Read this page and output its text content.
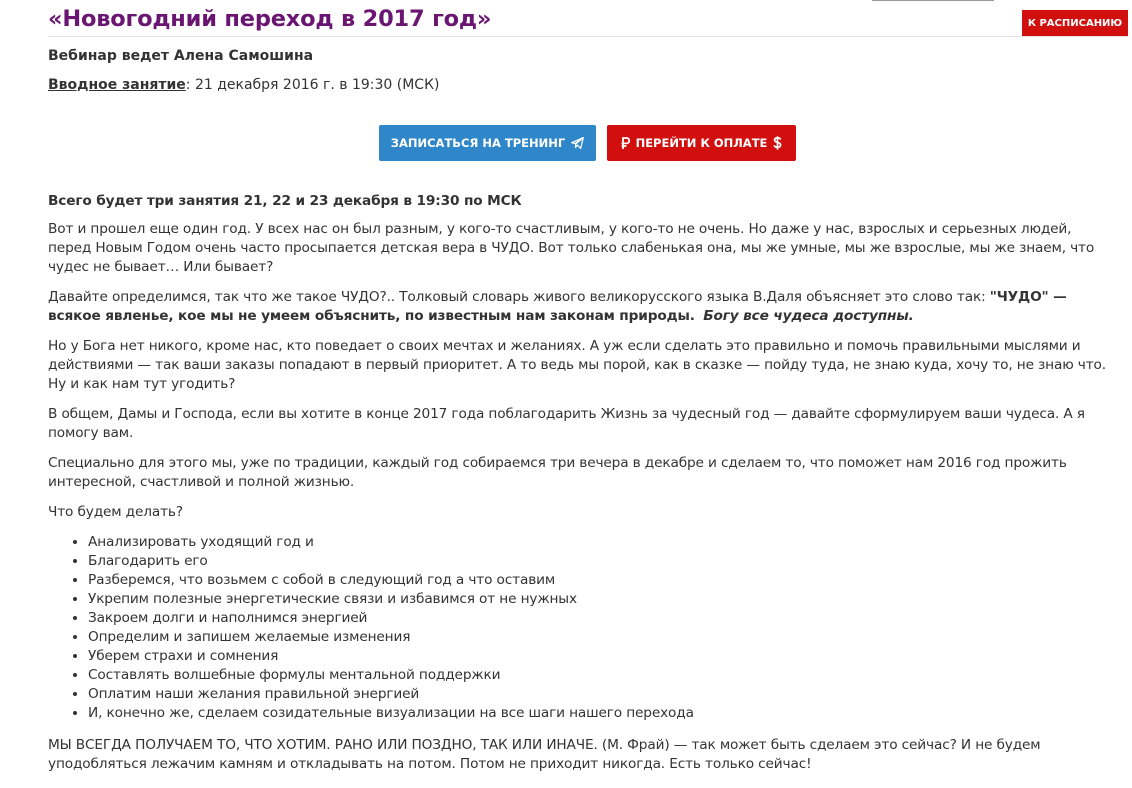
«Новогодний переход в 2017 год»	К РАСПИСАНИЮ
Вебинар ведет Алена Самошина
Вводное занятие: 21 декабря 2016 г. в 19:30 (МСК)
ЗАПИСАТЬСЯ НА ТРЕНИНГ	ПЕРЕЙТИ К ОПЛАТЕ

Всего будет три занятия 21, 22 и 23 декабря в 19:30 по МСК

Вот и прошел еще один год. У всех нас он был разным, у кого-то счастливым, у кого-то не очень. Но даже у нас, взрослых и серьезных людей, перед Новым Годом очень часто просыпается детская вера в ЧУДО. Вот только слабенькая она, мы же умные, мы же взрослые, мы же знаем, что чудес не бывает… Или бывает?

Давайте определимся, так что же такое ЧУДО?.. Толковый словарь живого великорусского языка В.Даля объясняет это слово так: "ЧУДО" — всякое явленье, кое мы не умеем объяснить, по известным нам законам природы. Богу все чудеса доступны.

Но у Бога нет никого, кроме нас, кто поведает о своих мечтах и желаниях. А уж если сделать это правильно и помочь правильными мыслями и действиями — так ваши заказы попадают в первый приоритет. А то ведь мы порой, как в сказке — пойду туда, не знаю куда, хочу то, не знаю что. Ну и как нам тут угодить?

В общем, Дамы и Господа, если вы хотите в конце 2017 года поблагодарить Жизнь за чудесный год — давайте сформулируем ваши чудеса. А я помогу вам.

Специально для этого мы, уже по традиции, каждый год собираемся три вечера в декабре и сделаем то, что поможет нам 2016 год прожить интересной, счастливой и полной жизнью.

Что будем делать?

• Анализировать уходящий год и
• Благодарить его
• Разберемся, что возьмем с собой в следующий год а что оставим
• Укрепим полезные энергетические связи и избавимся от не нужных
• Закроем долги и наполнимся энергией
• Определим и запишем желаемые изменения
• Уберем страхи и сомнения
• Составлять волшебные формулы ментальной поддержки
• Оплатим наши желания правильной энергией
• И, конечно же, сделаем созидательные визуализации на все шаги нашего перехода

МЫ ВСЕГДА ПОЛУЧАЕМ ТО, ЧТО ХОТИМ. РАНО ИЛИ ПОЗДНО, ТАК ИЛИ ИНАЧЕ. (М. Фрай) — так может быть сделаем это сейчас? И не будем уподобляться лежачим камням и откладывать на потом. Потом не приходит никогда. Есть только сейчас!
